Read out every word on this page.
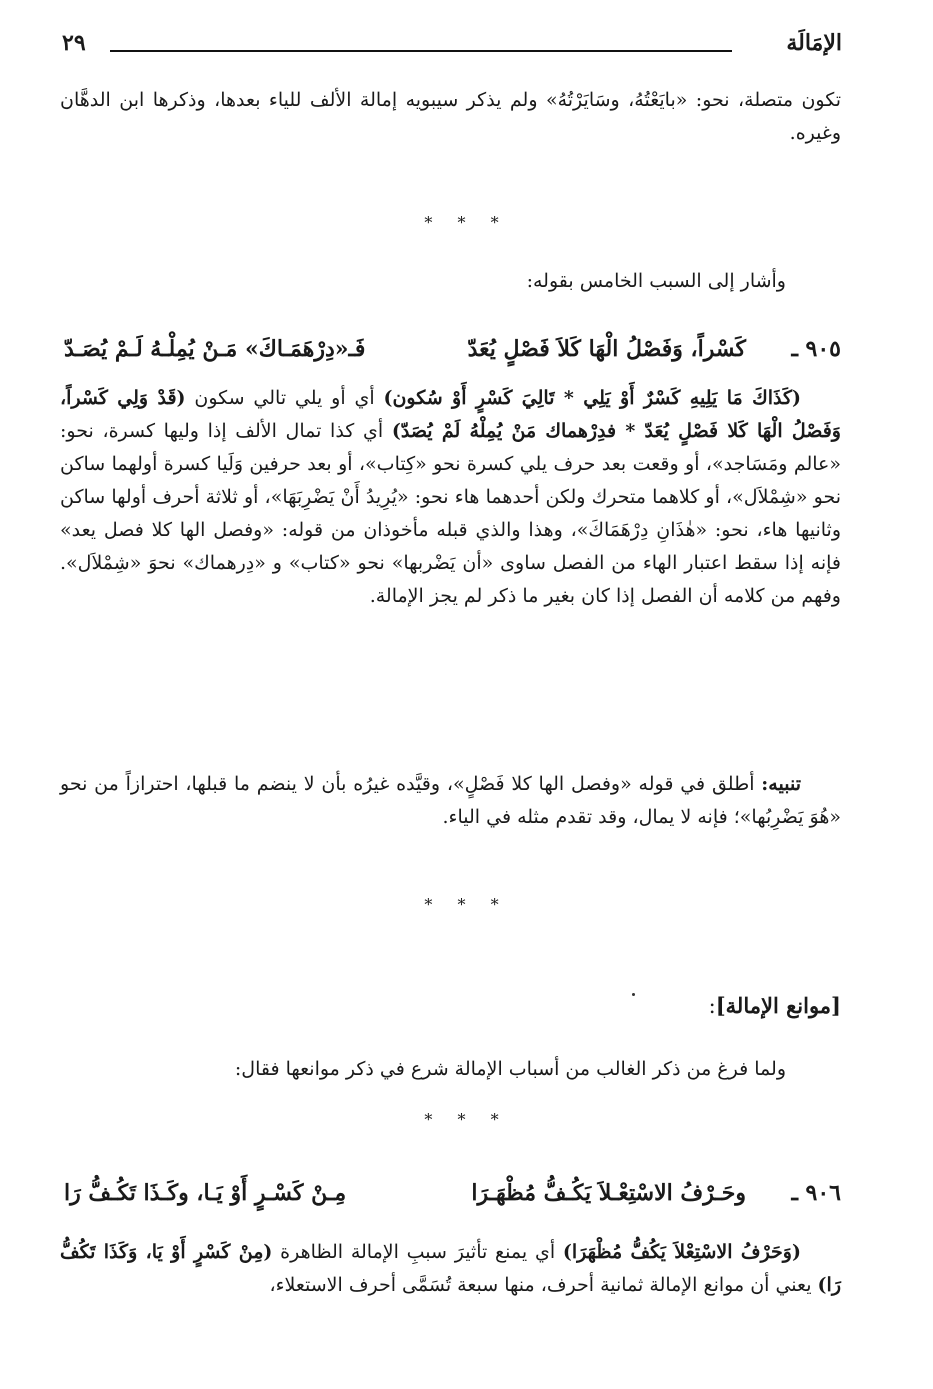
الإمَالَة
٢٩

تكون متصلة، نحو: «بايَعْتُهُ، وسَايَرْتُهُ» ولم يذكر سيبويه إمالة الألف للياء بعدها، وذكرها ابن الدهَّان وغيره.

* * *

وأشار إلى السبب الخامس بقوله:

٩٠٥ ـ
كَسْراً، وَفَصْلُ الْهَا كَلاَ فَصْلٍ يُعَدّ
فَـ«دِرْهَمَـاكَ» مَـنْ يُمِلْـهُ لَـمْ يُصَـدّ

(كَذَاكَ مَا يَلِيهِ كَسْرٌ أَوْ يَلِي * تَالِيَ كَسْرٍ أَوْ سُكون) أي أو يلي تالي سكون (قَدْ وَلِي كَسْراً، وَفَصْلُ الْهَا كَلا فَصْلٍ يُعَدّ * فدِرْهماك مَنْ يُمِلْهُ لَمْ يُصَدّ) أي كذا تمال الألف إذا وليها كسرة، نحو: «عالم ومَسَاجد»، أو وقعت بعد حرف يلي كسرة نحو «كِتاب»، أو بعد حرفين وَلَيا كسرة أولهما ساكن نحو «شِمْلاَل»، أو كلاهما متحرك ولكن أحدهما هاء نحو: «يُرِيدُ أَنْ يَضْرِبَهَا»، أو ثلاثة أحرف أولها ساكن وثانيها هاء، نحو: «هٰذَانِ دِرْهَمَاكَ»، وهذا والذي قبله مأخوذان من قوله: «وفصل الها كلا فصل يعد» فإنه إذا سقط اعتبار الهاء من الفصل ساوى «أن يَضْربها» نحو «كتاب» و «دِرهماك» نحوَ «شِمْلاَل». وفهم من كلامه أن الفصل إذا كان بغير ما ذكر لم يجز الإمالة.

تنبيه: أطلق في قوله «وفصل الها كلا فَصْلٍ»، وقيَّده غيرُه بأن لا ينضم ما قبلها، احترازاً من نحو «هُوَ يَضْرِبُها»؛ فإنه لا يمال، وقد تقدم مثله في الياء.

* * *
[موانع الإمالة]:

ولما فرغ من ذكر الغالب من أسباب الإمالة شرع في ذكر موانعها فقال:

* * *
٩٠٦ ـ
وحَـرْفُ الاسْتِعْـلاَ يَكُـفُّ مُظْهَـرَا
مِـنْ كَسْـرٍ أَوْ يَـا، وكَـذَا تَكُـفُّ رَا

(وَحَرْفُ الاسْتِعْلاَ يَكُفُّ مُظْهَرَا) أي يمنع تأثيرَ سببِ الإمالة الظاهرة (مِنْ كَسْرٍ أَوْ يَا، وَكَذَا تَكُفُّ رَا) يعني أن موانع الإمالة ثمانية أحرف، منها سبعة تُسَمَّى أحرف الاستعلاء،
